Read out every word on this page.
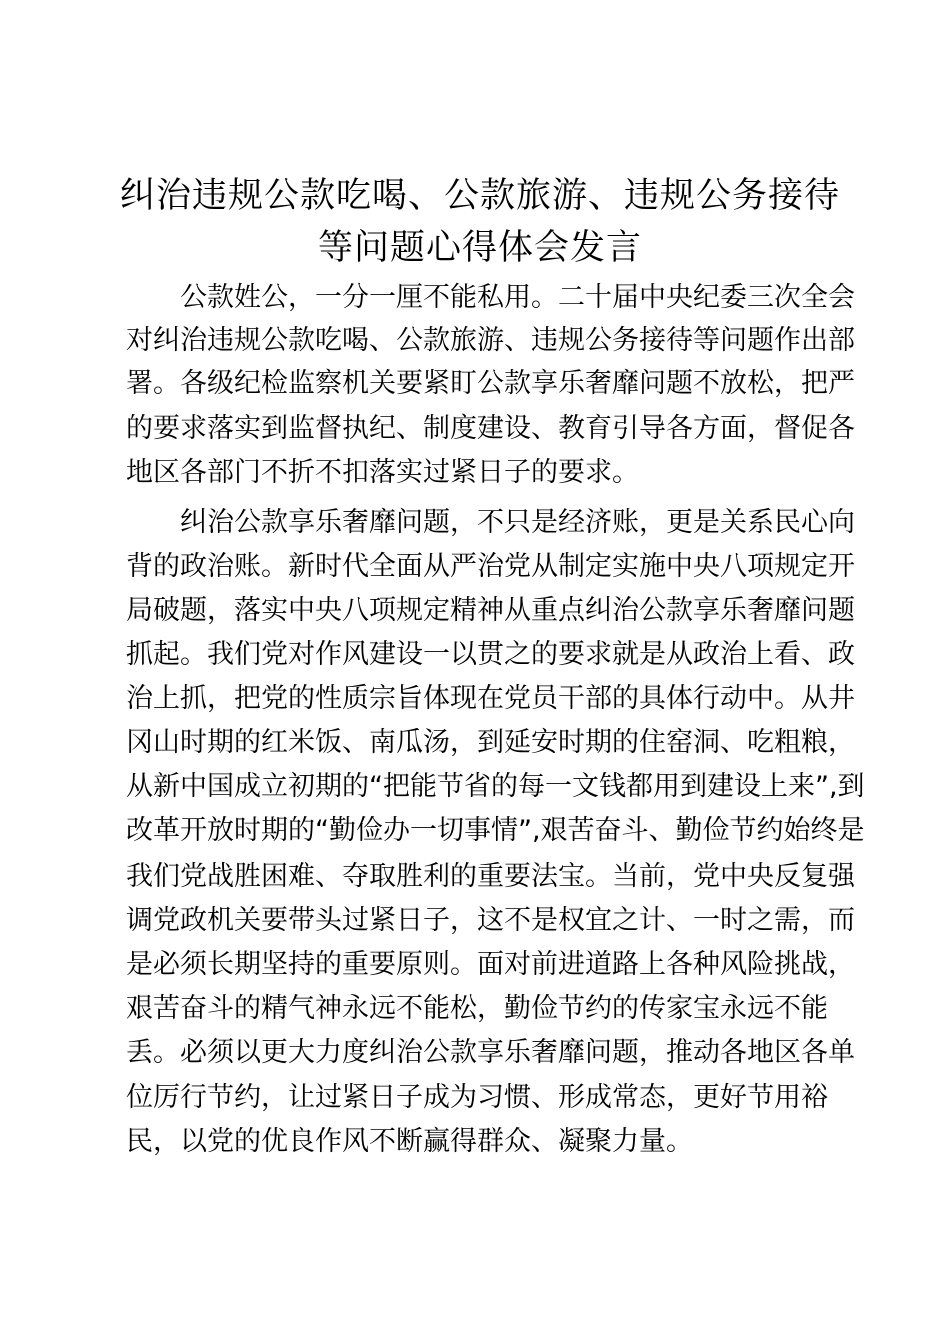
纠治违规公款吃喝、公款旅游、违规公务接待
等问题心得体会发言
公款姓公，一分一厘不能私用。二十届中央纪委三次全会
对纠治违规公款吃喝、公款旅游、违规公务接待等问题作出部
署。各级纪检监察机关要紧盯公款享乐奢靡问题不放松，把严
的要求落实到监督执纪、制度建设、教育引导各方面，督促各
地区各部门不折不扣落实过紧日子的要求。
纠治公款享乐奢靡问题，不只是经济账，更是关系民心向
背的政治账。新时代全面从严治党从制定实施中央八项规定开
局破题，落实中央八项规定精神从重点纠治公款享乐奢靡问题
抓起。我们党对作风建设一以贯之的要求就是从政治上看、政
治上抓，把党的性质宗旨体现在党员干部的具体行动中。从井
冈山时期的红米饭、南瓜汤，到延安时期的住窑洞、吃粗粮，
从新中国成立初期的“把能节省的每一文钱都用到建设上来”,到
改革开放时期的“勤俭办一切事情”,艰苦奋斗、勤俭节约始终是
我们党战胜困难、夺取胜利的重要法宝。当前，党中央反复强
调党政机关要带头过紧日子，这不是权宜之计、一时之需，而
是必须长期坚持的重要原则。面对前进道路上各种风险挑战，
艰苦奋斗的精气神永远不能松，勤俭节约的传家宝永远不能
丢。必须以更大力度纠治公款享乐奢靡问题，推动各地区各单
位厉行节约，让过紧日子成为习惯、形成常态，更好节用裕
民，以党的优良作风不断赢得群众、凝聚力量。
